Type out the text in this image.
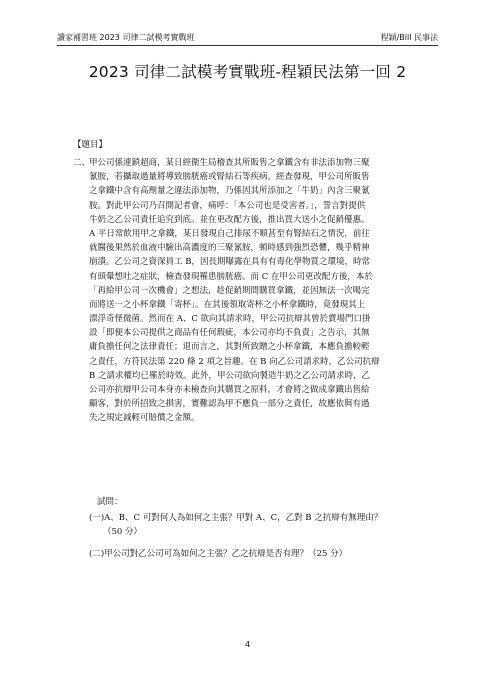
讀家補習班 2023 司律二試模考實戰班	程穎/Bill 民事法
2023 司律二試模考實戰班-程穎民法第一回 2
【題目】
二、
甲公司係連鎖超商，某日經衛生局稽查其所販售之拿鐵含有非法添加物三聚
氰胺，若攝取過量將導致膀胱癌或腎結石等疾病。經查發現，甲公司所販售
之拿鐵中含有高劑量之違法添加物，乃係因其所添加之「牛奶」內含三聚氰
胺。對此甲公司乃召開記者會，痛呼：「本公司也是受害者。」，誓言對提供
牛奶之乙公司責任追究到底。並在更改配方後，推出買大送小之促銷優惠。
A 平日常飲用甲之拿鐵，某日發現自己排尿不順甚至有腎結石之情況，前往
就醫後果然於血液中驗出高濃度的三聚氰胺，頓時感到強烈恐懼，幾乎精神
崩潰。乙公司之資深員工 B，因長期曝露在具有有毒化學物質之環境，時常
有頭暈想吐之症狀，檢查發現罹患膀胱癌。而 C 在甲公司更改配方後，本於
「再給甲公司一次機會」之想法，趁促銷期間購買拿鐵，並因無法一次喝完
而將送一之小杯拿鐵「寄杯」。在其後領取寄杯之小杯拿鐵時，竟發現其上
漂浮奇怪微菌。然而在 A、C 欲向其請求時，甲公司抗辯其曾於賣場門口掛
設「即便本公司提供之商品有任何瑕疵，本公司亦均不負責」之告示，其無
庸負擔任何之法律責任；退而言之，其對所致贈之小杯拿鐵，本應負擔較輕
之責任，方符民法第 220 條 2 項之旨趣。在 B 向乙公司請求時，乙公司抗辯
B 之請求權均已罹於時效。此外，甲公司欲向製造牛奶之乙公司請求時，乙
公司亦抗辯甲公司本身亦未檢查向其購買之原料，才會將之做成拿鐵出售給
顧客，對於所招致之損害，實難認為甲不應負一部分之責任，故應依與有過
失之規定減輕可賠償之金額。
試問：
(一)A、B、C 可對何人為如何之主張？甲對 A、C，乙對 B 之抗辯有無理由？
（50 分）
(二)甲公司對乙公司可為如何之主張？乙之抗辯是否有理？（25 分）
4
